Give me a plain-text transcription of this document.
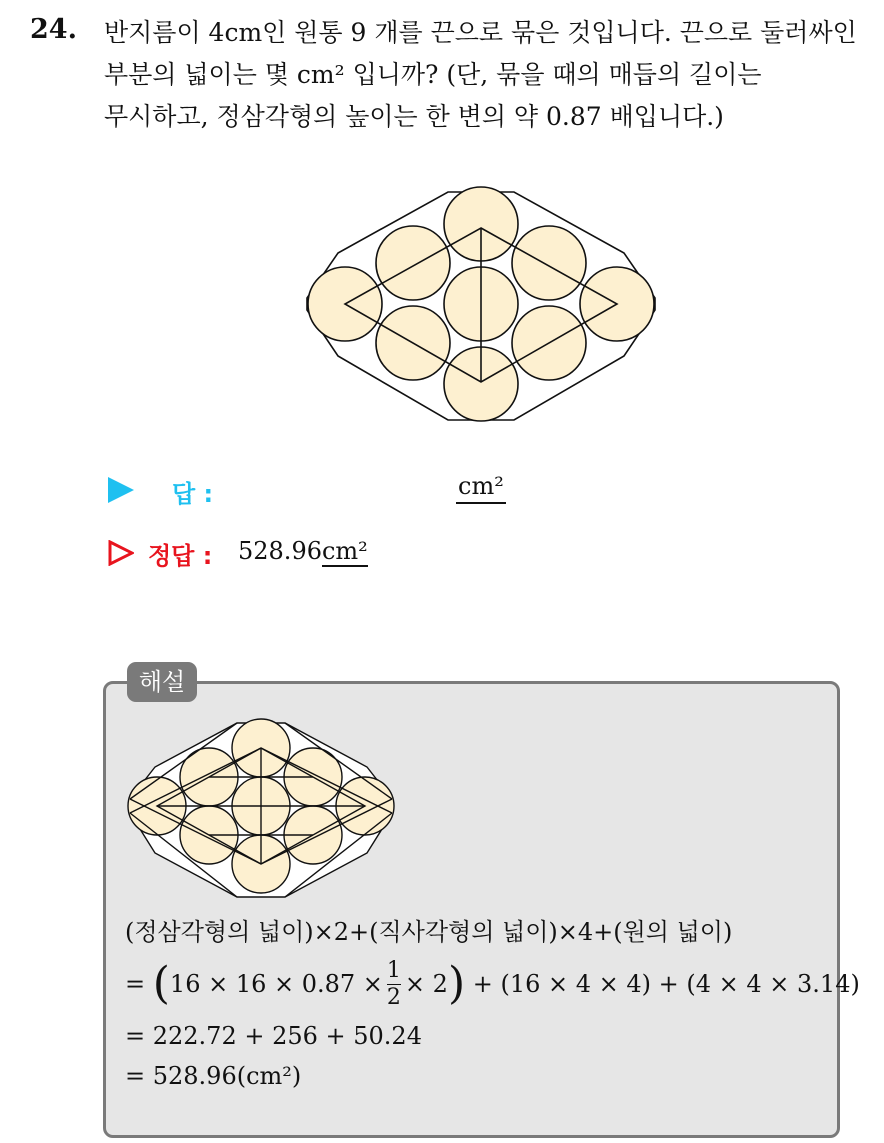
24. 반지름이 4cm인 원통 9 개를 끈으로 묶은 것입니다. 끈으로 둘러싸인
부분의 넓이는 몇 cm² 입니까? (단, 묶을 때의 매듭의 길이는
무시하고, 정삼각형의 높이는 한 변의 약 0.87 배입니다.)
답 :	cm²
정답 : 528.96cm²
해설
(정삼각형의 넓이)×2+(직사각형의 넓이)×4+(원의 넓이)
=
( $16 \times 16 \times 0.87 \times \frac{1}{2} \times 2$ )
+ (16 × 4 × 4) + (4 × 4 × 3.14)
= 222.72 + 256 + 50.24
= 528.96(cm²)
